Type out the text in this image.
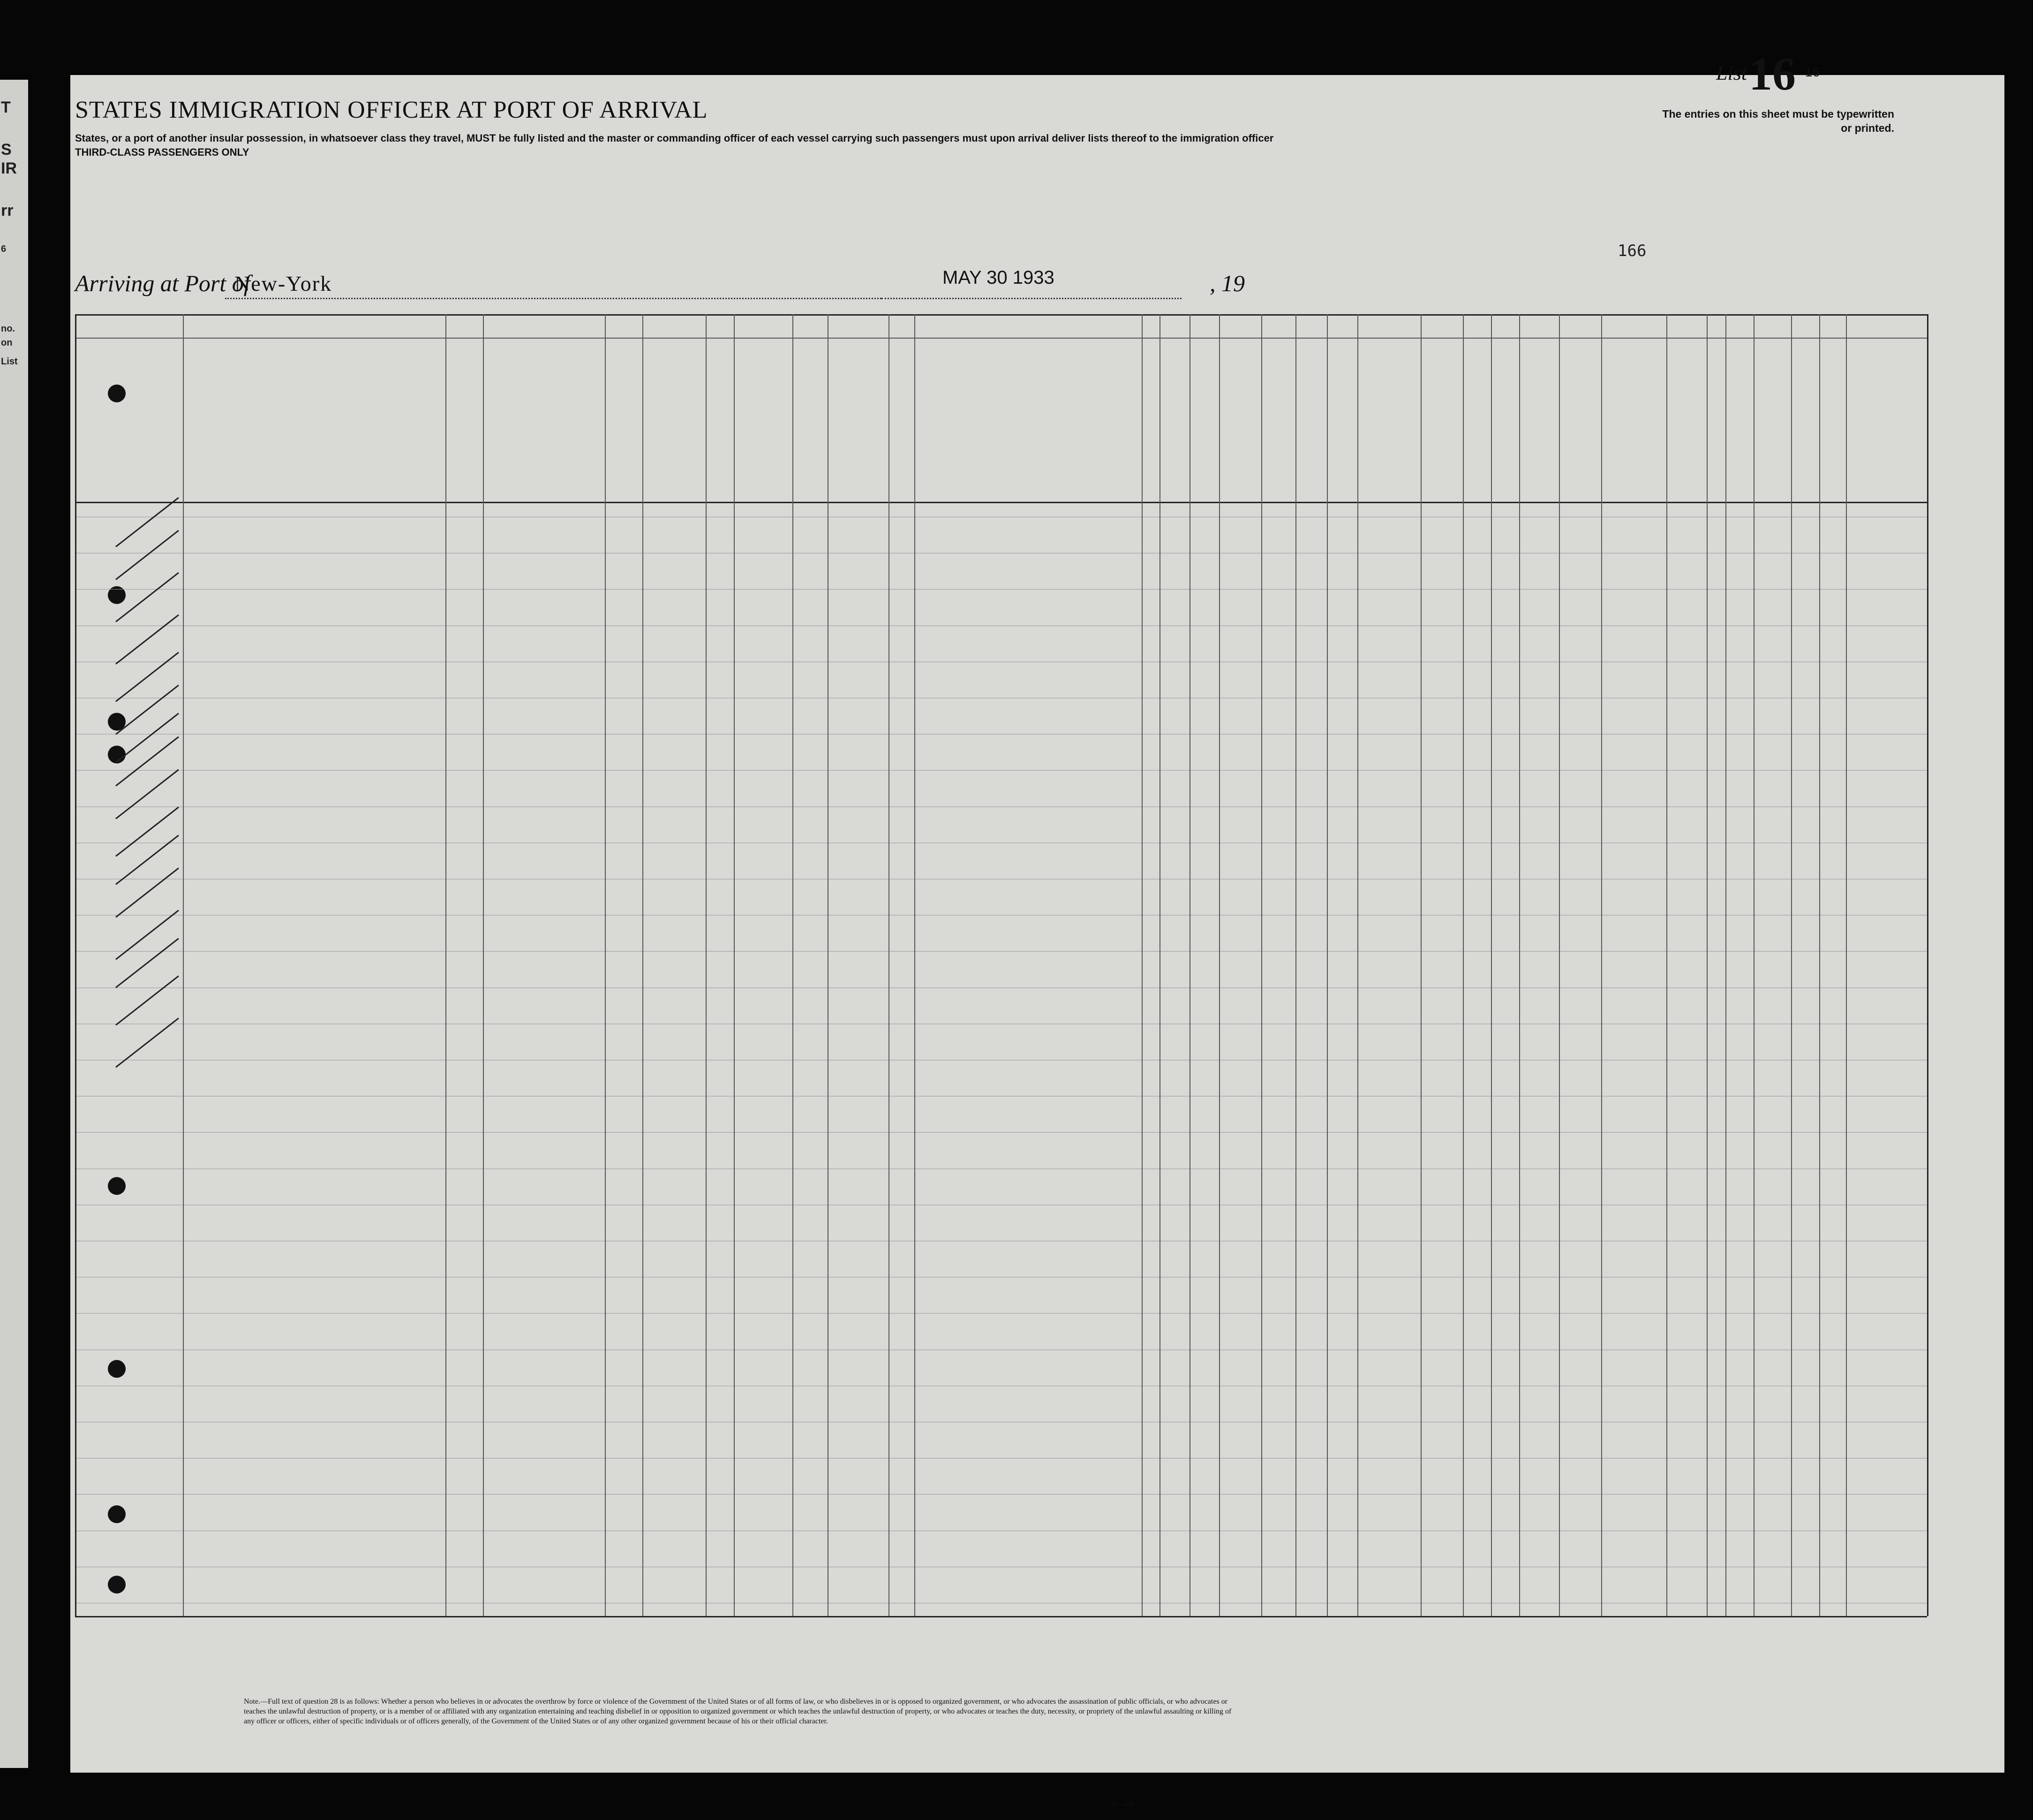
T
S
IR
rr
6
no.
on
List
List 16 16
The entries on this sheet must be typewritten or printed.
STATES IMMIGRATION OFFICER AT PORT OF ARRIVAL
States, or a port of another insular possession, in whatsoever class they travel, MUST be fully listed and the master or commanding officer of each vessel carrying such passengers must upon arrival deliver lists thereof to the immigration officer
THIRD-CLASS PASSENGERS ONLY
166
Arriving at Port of
New-York	MAY 30 1933	, 19
Note.—Full text of question 28 is as follows: Whether a person who believes in or advocates the overthrow by force or violence of the Government of the United States or of all forms of law, or who disbelieves in or is opposed to organized government, or who advocates the assassination of public officials, or who advocates or teaches the unlawful destruction of property, or is a member of or affiliated with any organization entertaining and teaching disbelief in or opposition to organized government or which teaches the unlawful destruction of property, or who advocates or teaches the duty, necessity, or propriety of the unlawful assaulting or killing of any officer or officers, either of specific individuals or of officers generally, of the Government of the United States or of any other organized government because of his or their official character.
14—430
